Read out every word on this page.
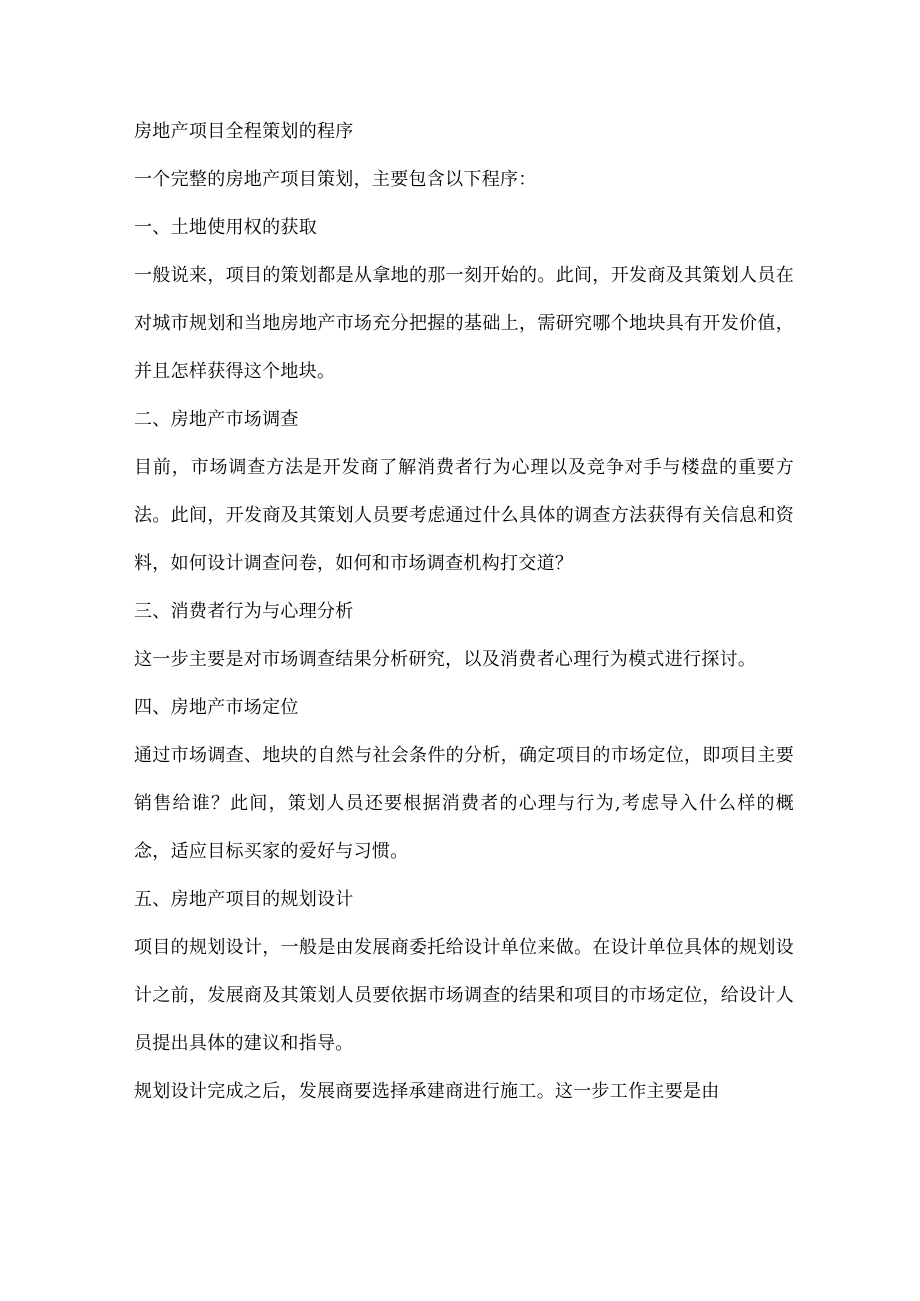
房地产项目全程策划的程序

一个完整的房地产项目策划，主要包含以下程序：

一、土地使用权的获取

一般说来，项目的策划都是从拿地的那一刻开始的。此间，开发商及其策划人员在对城市规划和当地房地产市场充分把握的基础上，需研究哪个地块具有开发价值，并且怎样获得这个地块。

二、房地产市场调查

目前，市场调查方法是开发商了解消费者行为心理以及竞争对手与楼盘的重要方法。此间，开发商及其策划人员要考虑通过什么具体的调查方法获得有关信息和资料，如何设计调查问卷，如何和市场调查机构打交道？

三、消费者行为与心理分析

这一步主要是对市场调查结果分析研究，以及消费者心理行为模式进行探讨。

四、房地产市场定位

通过市场调查、地块的自然与社会条件的分析，确定项目的市场定位，即项目主要销售给谁？此间，策划人员还要根据消费者的心理与行为,考虑导入什么样的概念，适应目标买家的爱好与习惯。

五、房地产项目的规划设计

项目的规划设计，一般是由发展商委托给设计单位来做。在设计单位具体的规划设计之前，发展商及其策划人员要依据市场调查的结果和项目的市场定位，给设计人员提出具体的建议和指导。

规划设计完成之后，发展商要选择承建商进行施工。这一步工作主要是由
